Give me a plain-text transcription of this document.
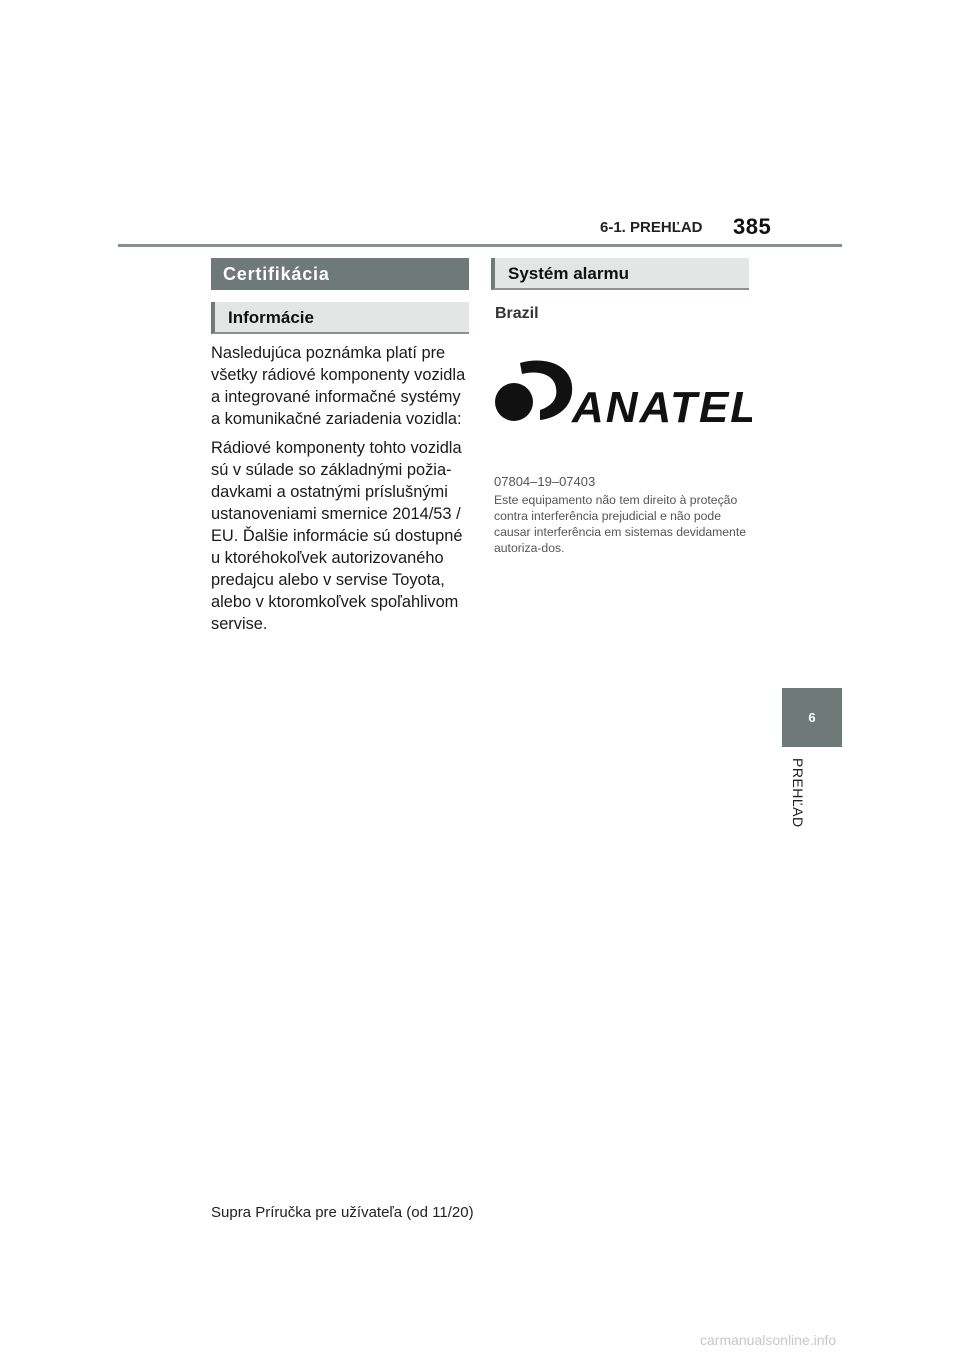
6-1. PREHĽAD 385
Certifikácia
Informácie

Nasledujúca poznámka platí pre všetky rádiové komponenty vozidla a integrované informačné systémy a komunikačné zariadenia vozidla:

Rádiové komponenty tohto vozidla sú v súlade so základnými požia-davkami a ostatnými príslušnými ustanoveniami smernice 2014/53 / EU. Ďalšie informácie sú dostupné u ktoréhokoľvek autorizovaného predajcu alebo v servise Toyota, alebo v ktoromkoľvek spoľahlivom servise.

Systém alarmu
Brazil
ANATEL
07804–19–07403
Este equipamento não tem direito à proteção contra interferência prejudicial e não pode causar interferência em sistemas devidamente autoriza-dos.
6
PREHĽAD
Supra Príručka pre užívateľa (od 11/20)
carmanualsonline.info
